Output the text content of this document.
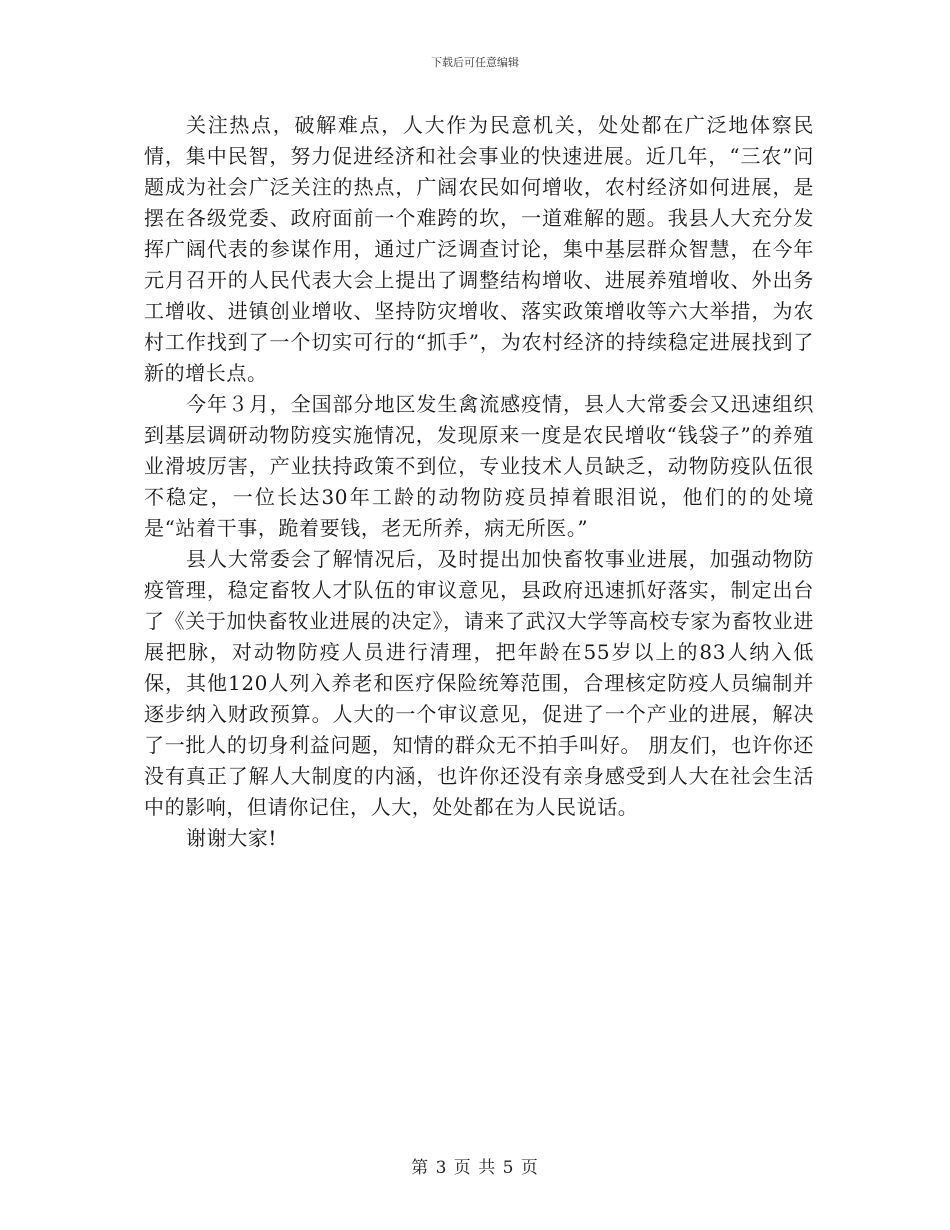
下载后可任意编辑

关注热点，破解难点，人大作为民意机关，处处都在广泛地体察民情，集中民智，努力促进经济和社会事业的快速进展。近几年，“三农”问题成为社会广泛关注的热点，广阔农民如何增收，农村经济如何进展，是摆在各级党委、政府面前一个难跨的坎，一道难解的题。我县人大充分发挥广阔代表的参谋作用，通过广泛调查讨论，集中基层群众智慧，在今年元月召开的人民代表大会上提出了调整结构增收、进展养殖增收、外出务工增收、进镇创业增收、坚持防灾增收、落实政策增收等六大举措，为农村工作找到了一个切实可行的“抓手”，为农村经济的持续稳定进展找到了新的增长点。

今年３月，全国部分地区发生禽流感疫情，县人大常委会又迅速组织到基层调研动物防疫实施情况，发现原来一度是农民增收“钱袋子”的养殖业滑坡厉害，产业扶持政策不到位，专业技术人员缺乏，动物防疫队伍很不稳定，一位长达30年工龄的动物防疫员掉着眼泪说，他们的的处境是“站着干事，跪着要钱，老无所养，病无所医。”

县人大常委会了解情况后，及时提出加快畜牧事业进展，加强动物防疫管理，稳定畜牧人才队伍的审议意见，县政府迅速抓好落实，制定出台了《关于加快畜牧业进展的决定》，请来了武汉大学等高校专家为畜牧业进展把脉，对动物防疫人员进行清理，把年龄在55岁以上的83人纳入低保，其他120人列入养老和医疗保险统筹范围，合理核定防疫人员编制并逐步纳入财政预算。人大的一个审议意见，促进了一个产业的进展，解决了一批人的切身利益问题，知情的群众无不拍手叫好。 朋友们，也许你还没有真正了解人大制度的内涵，也许你还没有亲身感受到人大在社会生活中的影响，但请你记住，人大，处处都在为人民说话。

谢谢大家!

第 3 页 共 5 页
